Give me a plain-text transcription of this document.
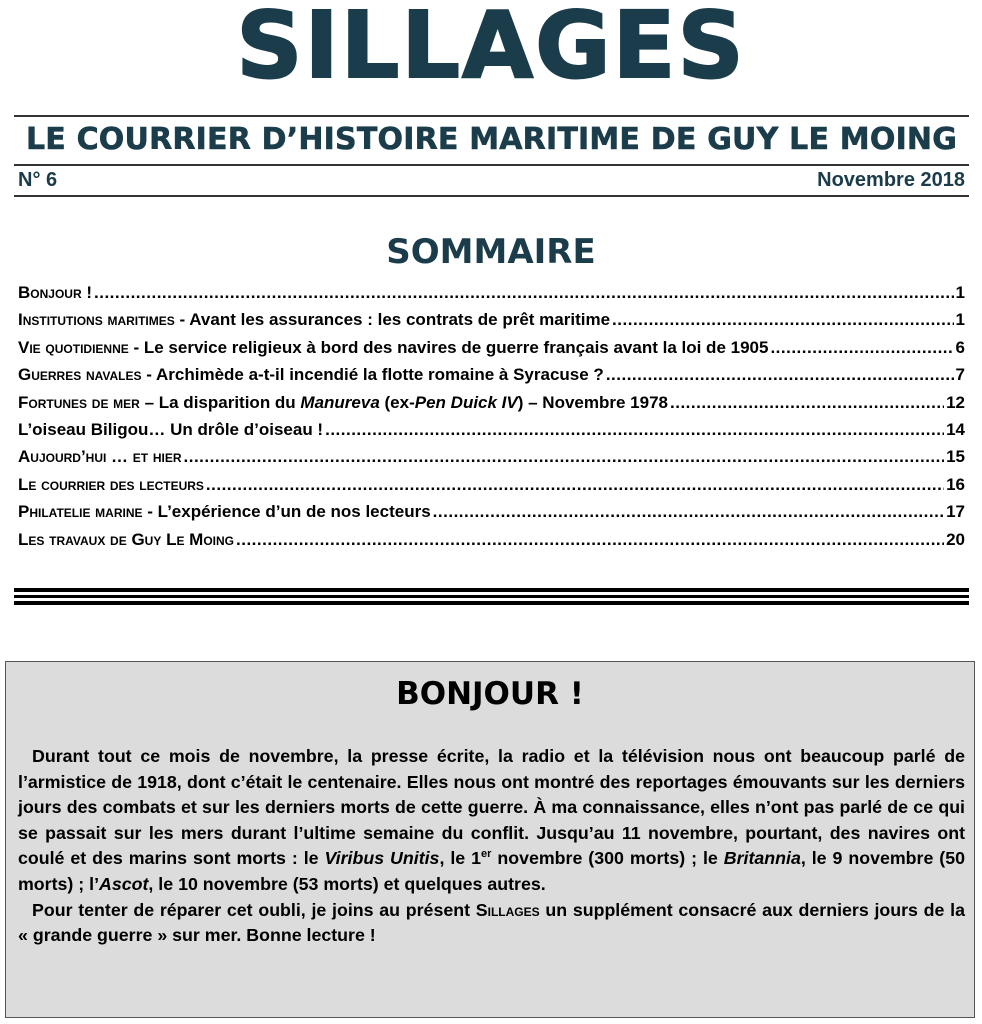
SILLAGES
LE COURRIER D’HISTOIRE MARITIME DE GUY LE MOING
N° 6	Novembre 2018
SOMMAIRE
Bonjour ! .....	1
Institutions maritimes - Avant les assurances : les contrats de prêt maritime .....	1
Vie quotidienne - Le service religieux à bord des navires de guerre français avant la loi de 1905 .....	6
Guerres navales - Archimède a-t-il incendié la flotte romaine à Syracuse ? .....	7
Fortunes de mer – La disparition du Manureva (ex-Pen Duick IV) – Novembre 1978 .....	12
L’oiseau Biligou… Un drôle d’oiseau ! .....	14
Aujourd’hui … et hier .....	15
Le courrier des lecteurs .....	16
Philatelie marine - L’expérience d’un de nos lecteurs .....	17
Les travaux de Guy Le Moing .....	20
BONJOUR !

Durant tout ce mois de novembre, la presse écrite, la radio et la télévision nous ont beaucoup parlé de l’armistice de 1918, dont c’était le centenaire. Elles nous ont montré des reportages émouvants sur les derniers jours des combats et sur les derniers morts de cette guerre. À ma connaissance, elles n’ont pas parlé de ce qui se passait sur les mers durant l’ultime semaine du conflit. Jusqu’au 11 novembre, pourtant, des navires ont coulé et des marins sont morts : le Viribus Unitis, le 1er novembre (300 morts) ; le Britannia, le 9 novembre (50 morts) ; l’Ascot, le 10 novembre (53 morts) et quelques autres.

Pour tenter de réparer cet oubli, je joins au présent Sillages un supplément consacré aux derniers jours de la « grande guerre » sur mer. Bonne lecture !
